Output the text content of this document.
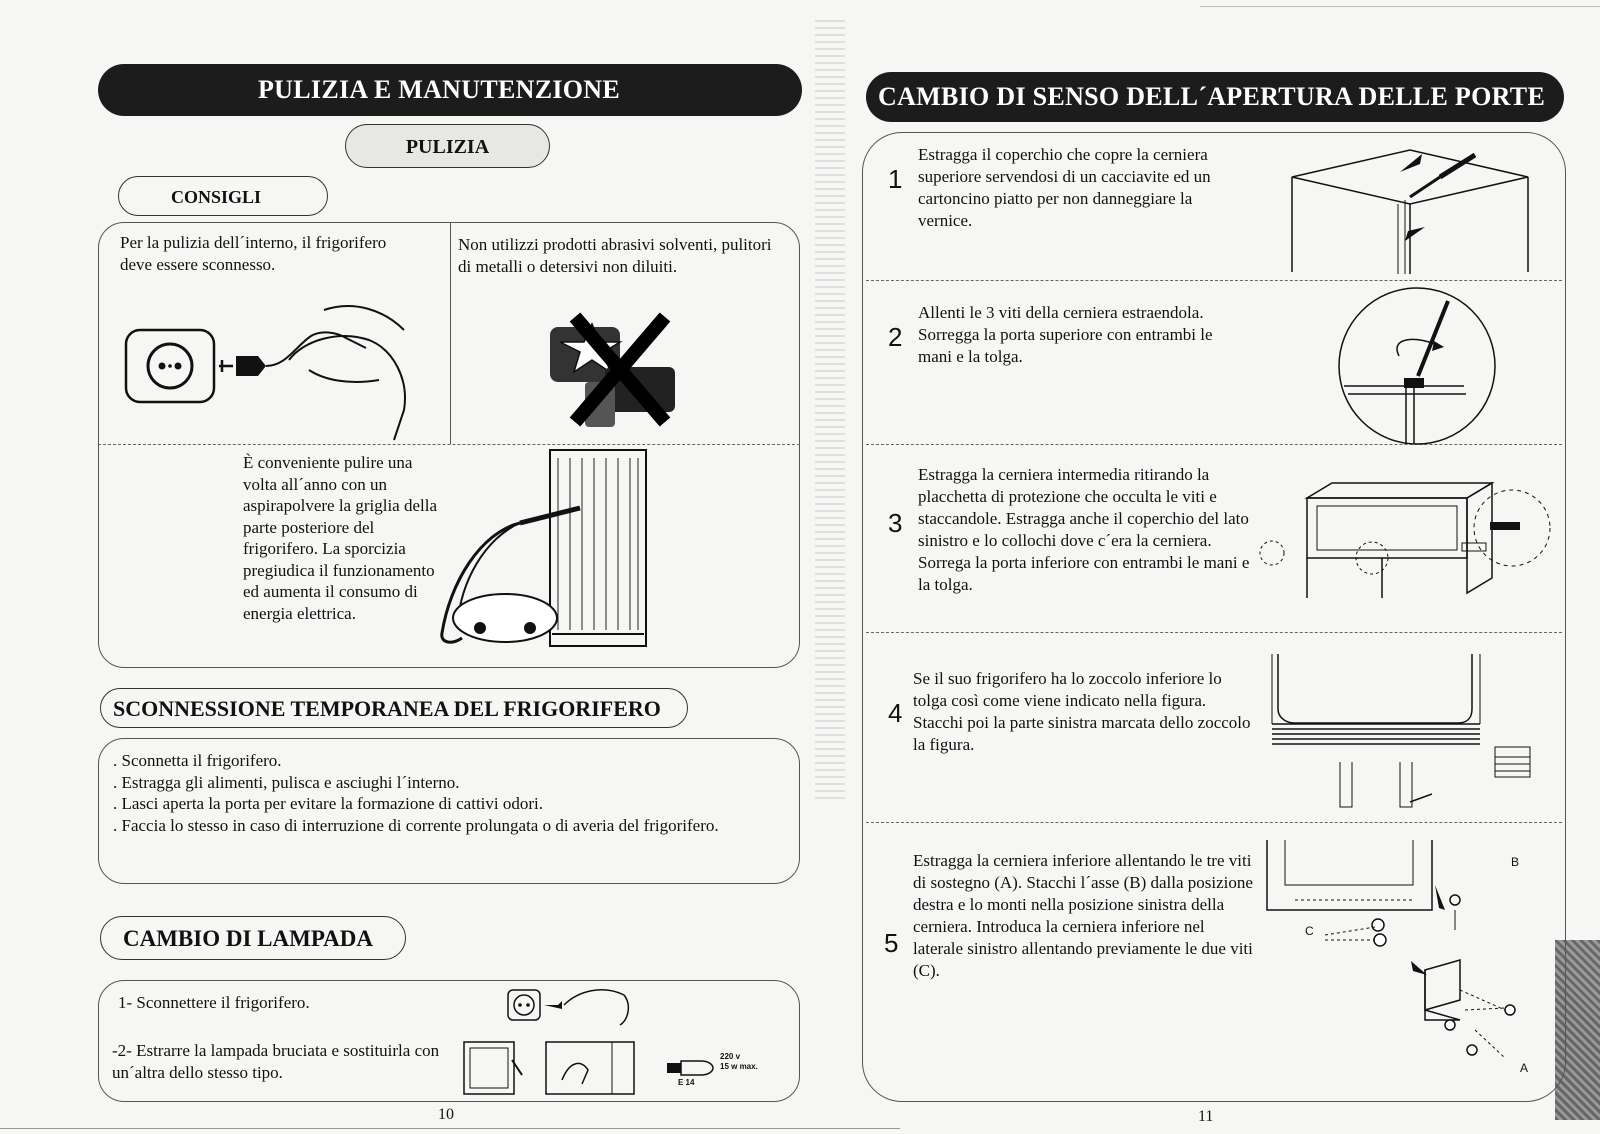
PULIZIA E MANUTENZIONE
PULIZIA
CONSIGLI
Per la pulizia dell´interno, il frigorifero deve essere sconnesso.
Non utilizzi prodotti abrasivi solventi, pulitori di metalli o detersivi non diluiti.
È conveniente pulire una volta all´anno con un aspirapolvere la griglia della parte posteriore del frigorifero. La sporcizia pregiudica il funzionamento ed aumenta il consumo di energia elettrica.
SCONNESSIONE TEMPORANEA DEL FRIGORIFERO
. Sconnetta il frigorifero.
. Estragga gli alimenti, pulisca e asciughi l´interno.
. Lasci aperta la porta per evitare la formazione di cattivi odori.
. Faccia lo stesso in caso di interruzione di corrente prolungata o di averia del frigorifero.
CAMBIO DI LAMPADA
1- Sconnettere il frigorifero.
-2- Estrarre la lampada bruciata e sostituirla con un´altra dello stesso tipo.
220 v
15 w max.
E 14
10
CAMBIO DI SENSO DELL´APERTURA DELLE PORTE
1
Estragga il coperchio che copre la cerniera superiore servendosi di un cacciavite ed un cartoncino piatto per non danneggiare la vernice.
2
Allenti le 3 viti della cerniera estraendola. Sorregga la porta superiore con entrambi le mani e la tolga.
3
Estragga la cerniera intermedia ritirando la placchetta di protezione che occulta le viti e staccandole. Estragga anche il coperchio del lato sinistro e lo collochi dove c´era la cerniera. Sorrega la porta inferiore con entrambi le mani e la tolga.
4
Se il suo frigorifero ha lo zoccolo inferiore lo tolga così come viene indicato nella figura. Stacchi poi la parte sinistra marcata dello zoccolo la figura.
5
Estragga la cerniera inferiore allentando le tre viti di sostegno (A). Stacchi l´asse (B) dalla posizione destra e lo monti nella posizione sinistra della cerniera. Introduca la cerniera inferiore nel laterale sinistro allentando previamente le due viti (C).
B
C
A
11
